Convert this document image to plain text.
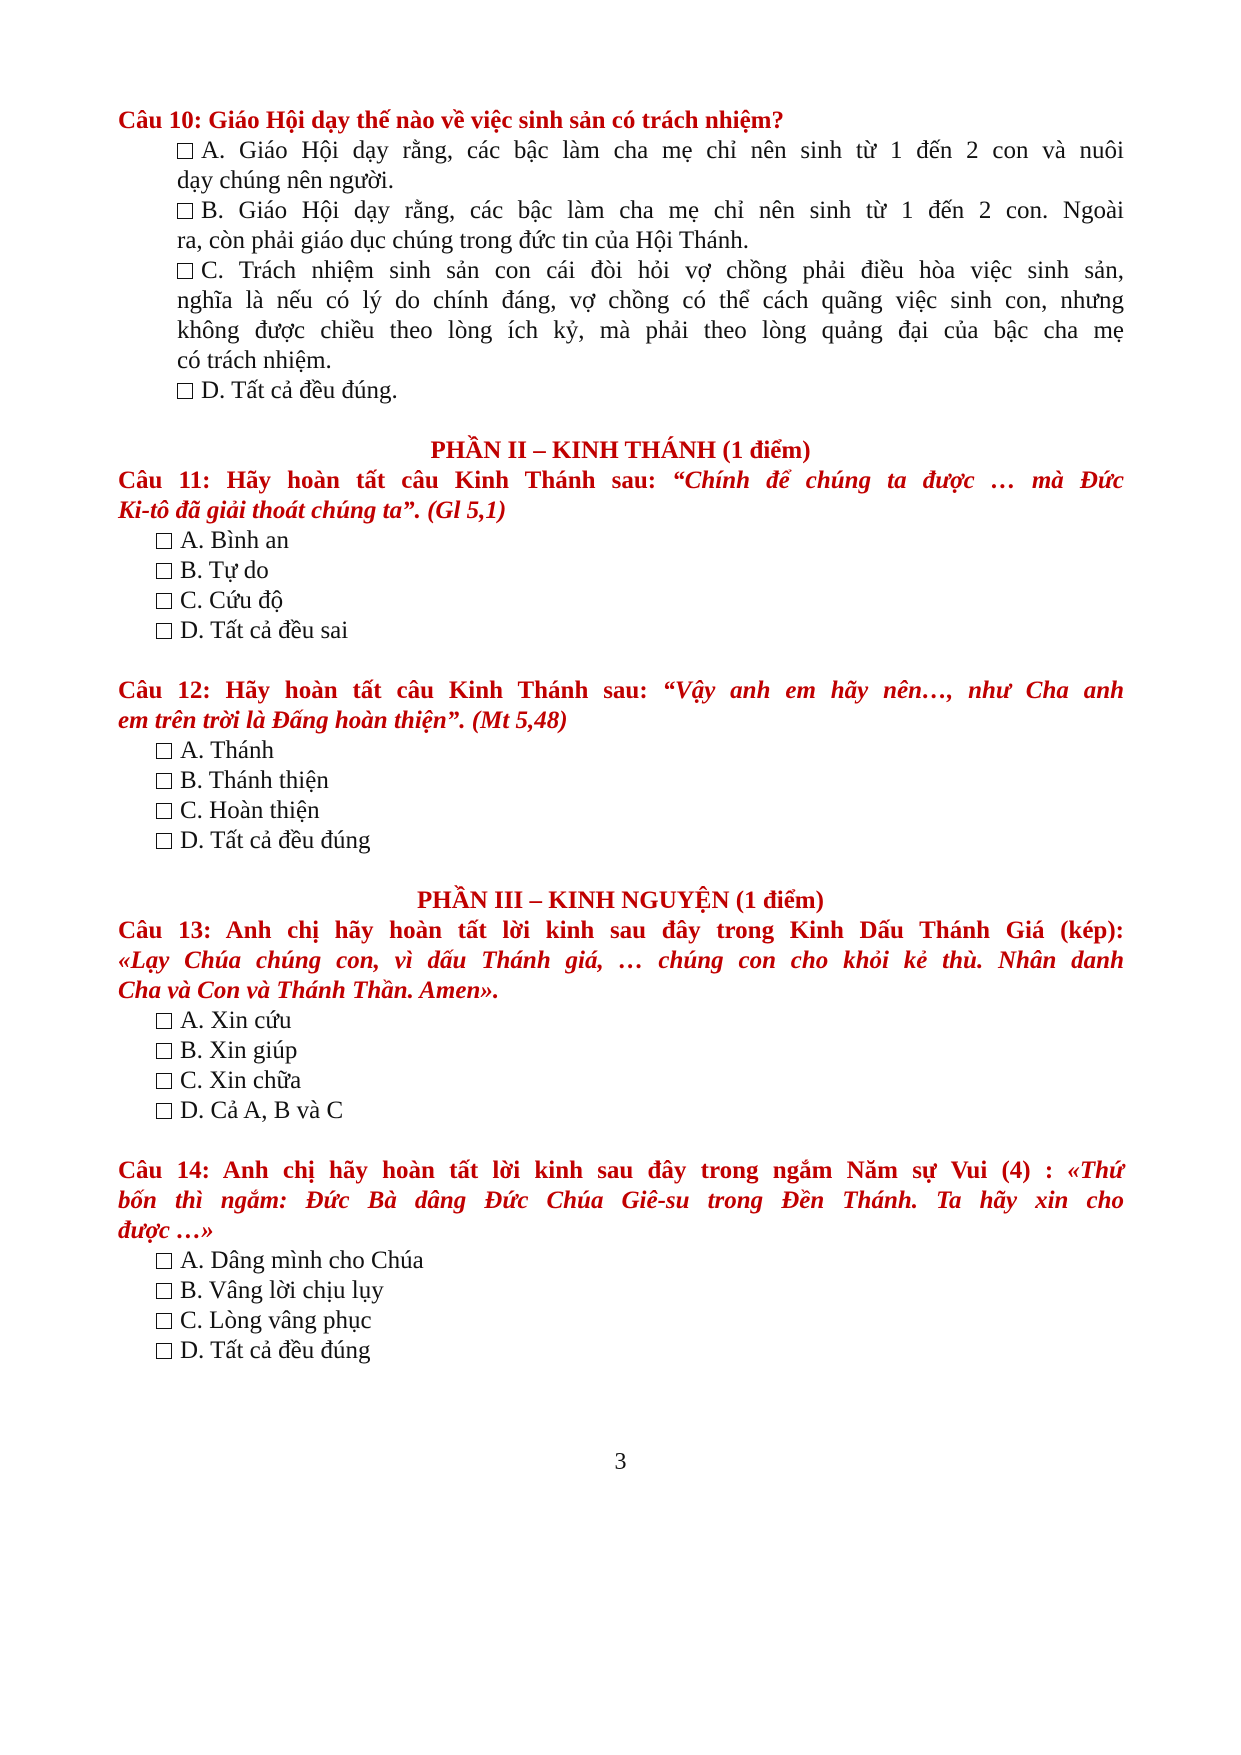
Câu 10: Giáo Hội dạy thế nào về việc sinh sản có trách nhiệm?
A. Giáo Hội dạy rằng, các bậc làm cha mẹ chỉ nên sinh từ 1 đến 2 con và nuôi
dạy chúng nên người.
B. Giáo Hội dạy rằng, các bậc làm cha mẹ chỉ nên sinh từ 1 đến 2 con. Ngoài
ra, còn phải giáo dục chúng trong đức tin của Hội Thánh.
C. Trách nhiệm sinh sản con cái đòi hỏi vợ chồng phải điều hòa việc sinh sản,
nghĩa là nếu có lý do chính đáng, vợ chồng có thể cách quãng việc sinh con, nhưng
không được chiều theo lòng ích kỷ, mà phải theo lòng quảng đại của bậc cha mẹ
có trách nhiệm.
D. Tất cả đều đúng.
PHẦN II – KINH THÁNH (1 điểm)
Câu 11: Hãy hoàn tất câu Kinh Thánh sau: “Chính để chúng ta được … mà Đức
Ki-tô đã giải thoát chúng ta”. (Gl 5,1)
A. Bình an
B. Tự do
C. Cứu độ
D. Tất cả đều sai
Câu 12: Hãy hoàn tất câu Kinh Thánh sau: “Vậy anh em hãy nên…, như Cha anh
em trên trời là Đấng hoàn thiện”. (Mt 5,48)
A. Thánh
B. Thánh thiện
C. Hoàn thiện
D. Tất cả đều đúng
PHẦN III – KINH NGUYỆN (1 điểm)
Câu 13: Anh chị hãy hoàn tất lời kinh sau đây trong Kinh Dấu Thánh Giá (kép):
«Lạy Chúa chúng con, vì dấu Thánh giá, … chúng con cho khỏi kẻ thù. Nhân danh
Cha và Con và Thánh Thần. Amen».
A. Xin cứu
B. Xin giúp
C. Xin chữa
D. Cả A, B và C
Câu 14: Anh chị hãy hoàn tất lời kinh sau đây trong ngắm Năm sự Vui (4) : «Thứ
bốn thì ngắm: Đức Bà dâng Đức Chúa Giê-su trong Đền Thánh. Ta hãy xin cho
được …»
A. Dâng mình cho Chúa
B. Vâng lời chịu lụy
C. Lòng vâng phục
D. Tất cả đều đúng
3
